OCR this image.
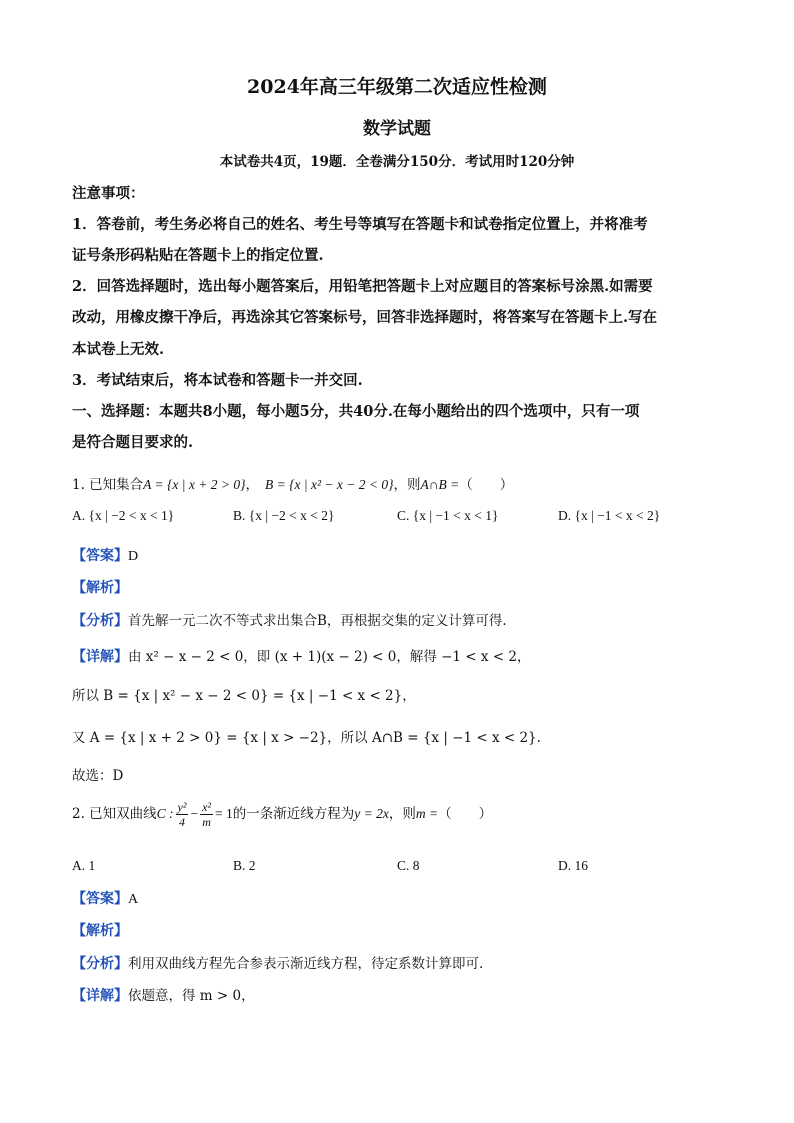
2024年高三年级第二次适应性检测
数学试题
本试卷共4页，19题．全卷满分150分．考试用时120分钟
注意事项：
1．答卷前，考生务必将自己的姓名、考生号等填写在答题卡和试卷指定位置上，并将准考
证号条形码粘贴在答题卡上的指定位置.
2．回答选择题时，选出每小题答案后，用铅笔把答题卡上对应题目的答案标号涂黑.如需要
改动，用橡皮擦干净后，再选涂其它答案标号，回答非选择题时，将答案写在答题卡上.写在
本试卷上无效.
3．考试结束后，将本试卷和答题卡一并交回.
一、选择题：本题共8小题，每小题5分，共40分.在每小题给出的四个选项中，只有一项
是符合题目要求的.
1. 已知集合A = {x | x + 2 > 0}， B = {x | x² − x − 2 < 0}，则A∩B =（　　）
A. {x | −2 < x < 1}	B. {x | −2 < x < 2}	C. {x | −1 < x < 1}	D. {x | −1 < x < 2}
【答案】D
【解析】
【分析】首先解一元二次不等式求出集合B，再根据交集的定义计算可得.
【详解】由 x² − x − 2 < 0，即 (x + 1)(x − 2) < 0，解得 −1 < x < 2，
所以 B = {x | x² − x − 2 < 0} = {x | −1 < x < 2}，
又 A = {x | x + 2 > 0} = {x | x > −2}，所以 A∩B = {x | −1 < x < 2}.
故选：D
2. 已知双曲线C : $\frac{\text{y²}}{4} - \frac{\text{x²}}{m} = 1$的一条渐近线方程为y = 2x，则m =（　　）
A. 1	B. 2	C. 8	D. 16
【答案】A
【解析】
【分析】利用双曲线方程先合参表示渐近线方程，待定系数计算即可.
【详解】依题意，得 m > 0，
